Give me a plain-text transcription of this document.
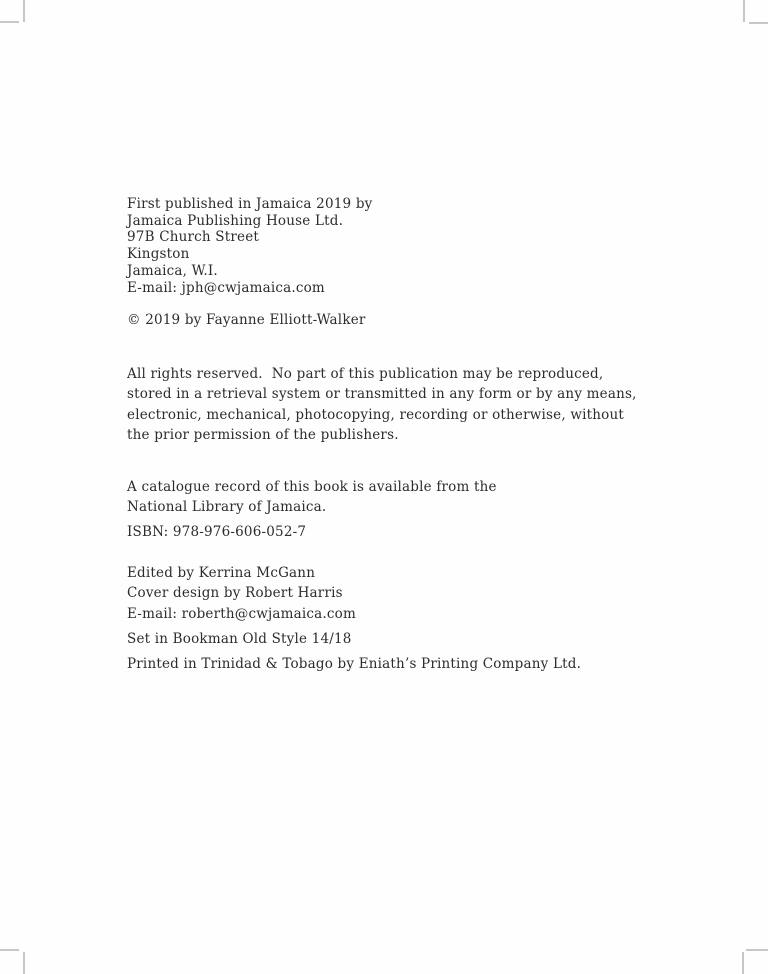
First published in Jamaica 2019 by

Jamaica Publishing House Ltd.

97B Church Street

Kingston

Jamaica, W.I.

E-mail: jph@cwjamaica.com

© 2019 by Fayanne Elliott-Walker

All rights reserved.  No part of this publication may be reproduced,

stored in a retrieval system or transmitted in any form or by any means,

electronic, mechanical, photocopying, recording or otherwise, without

the prior permission of the publishers.

A catalogue record of this book is available from the

National Library of Jamaica.

ISBN: 978-976-606-052-7

Edited by Kerrina McGann

Cover design by Robert Harris

E-mail: roberth@cwjamaica.com

Set in Bookman Old Style 14/18

Printed in Trinidad & Tobago by Eniath’s Printing Company Ltd.
